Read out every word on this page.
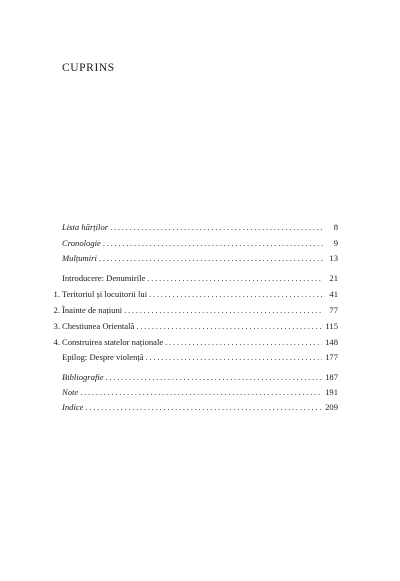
CUPRINS
Lista hărților . . .	8
Cronologie . . .	9
Mulțumiri . . .	13
Introducere: Denumirile . . .	21
1. Teritoriul și locuitorii lui . . .	41
2. Înainte de națiuni . . .	77
3. Chestiunea Orientală . . .	115
4. Construirea statelor naționale . . .	148
Epilog: Despre violență . . .	177
Bibliografie . . .	187
Note . . .	191
Indice . . .	209
